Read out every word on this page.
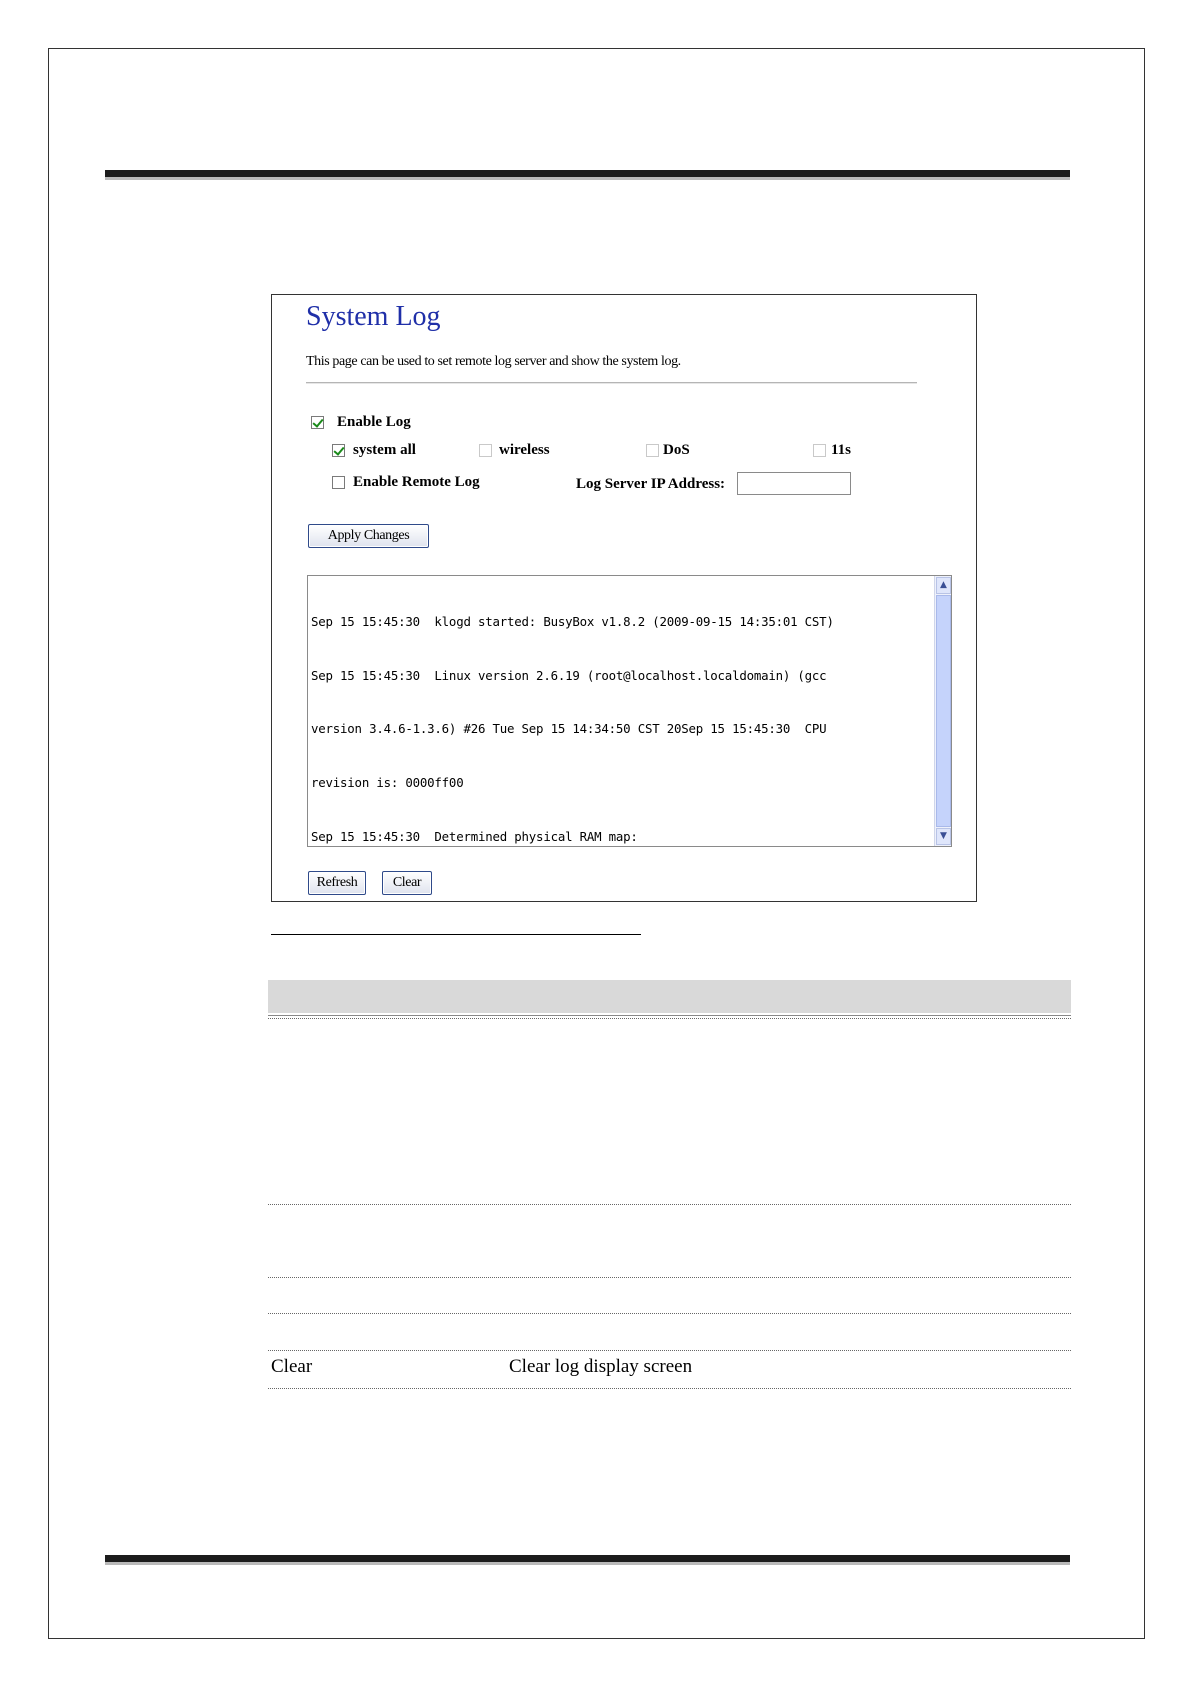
System Log
This page can be used to set remote log server and show the system log.
Enable Log
system all	wireless	DoS	11s
Enable Remote Log	Log Server IP Address:
Apply Changes

Sep 15 15:45:30  klogd started: BusyBox v1.8.2 (2009-09-15 14:35:01 CST)

Sep 15 15:45:30  Linux version 2.6.19 (root@localhost.localdomain) (gcc

version 3.4.6-1.3.6) #26 Tue Sep 15 14:34:50 CST 20Sep 15 15:45:30  CPU

revision is: 0000ff00

Sep 15 15:45:30  Determined physical RAM map:

▲
▼
Refresh	Clear
Clear	Clear log display screen
